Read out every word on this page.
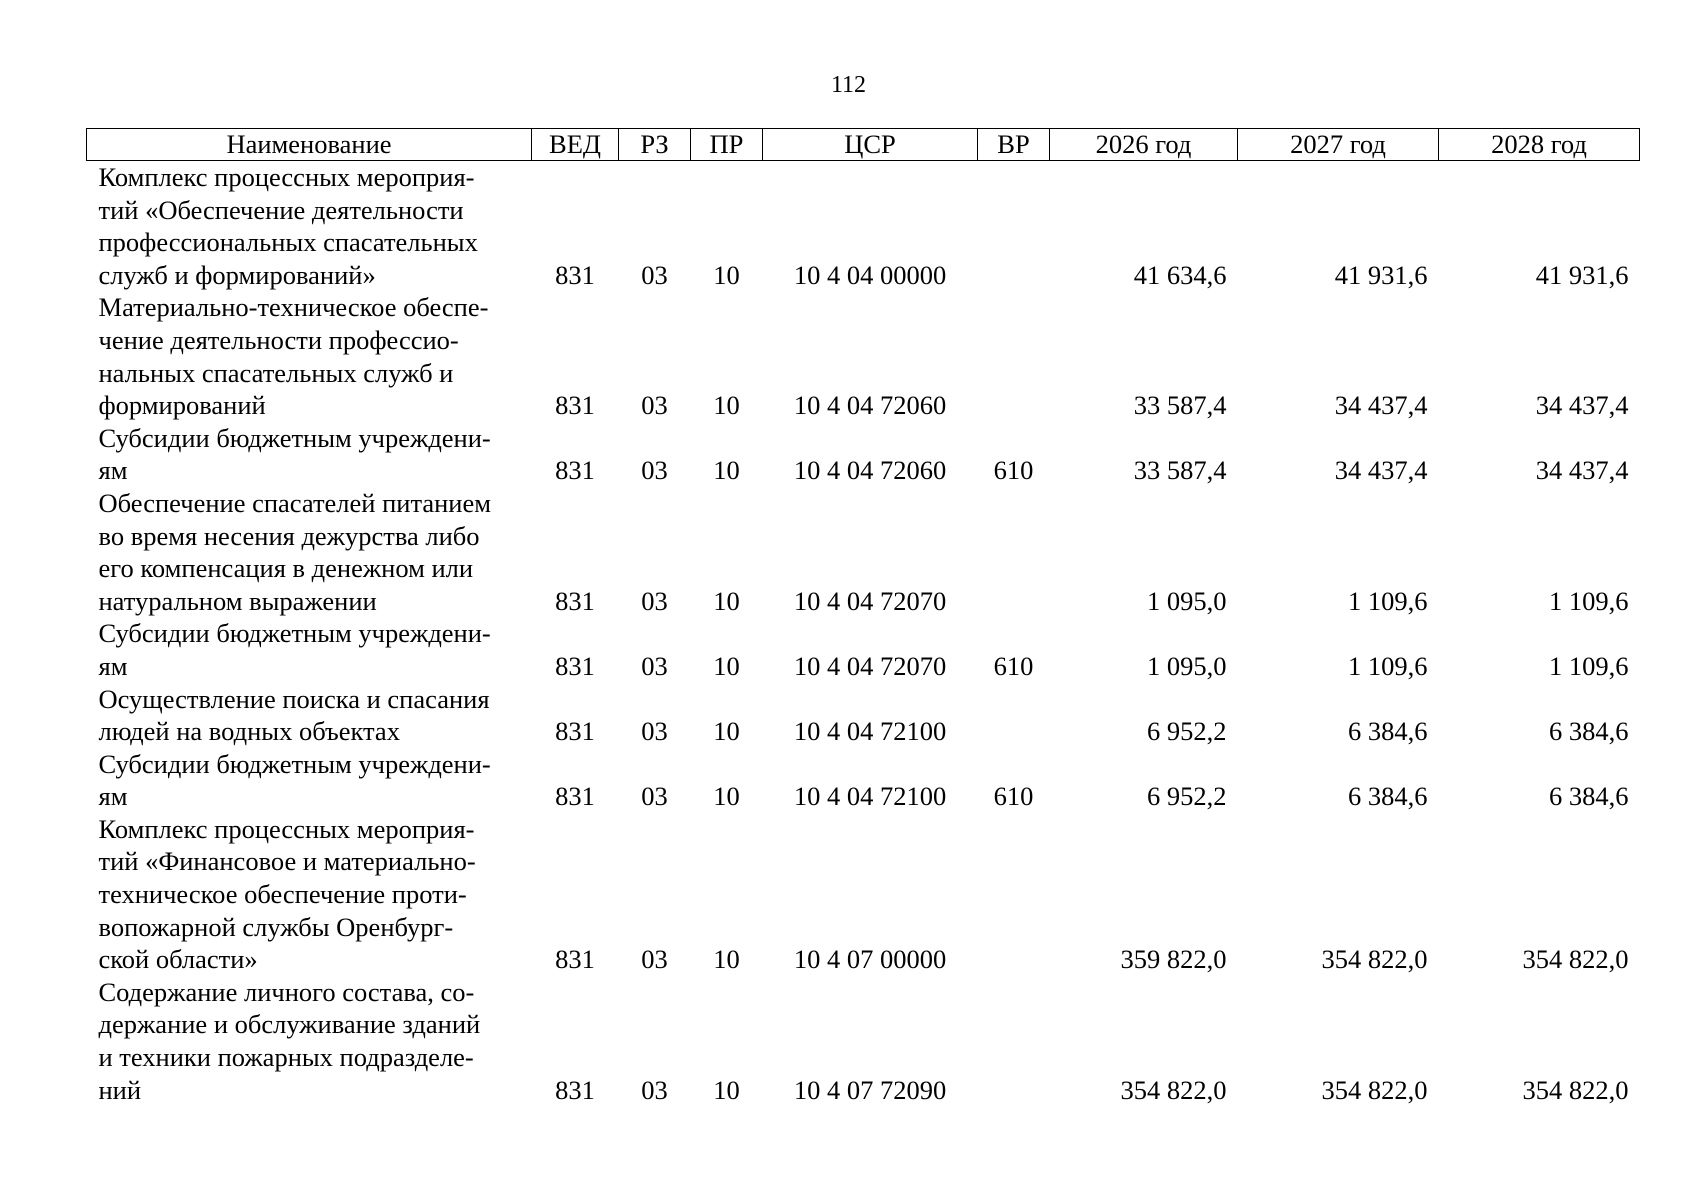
112
Наименование	ВЕД	РЗ	ПР	ЦСР	ВР	2026 год	2027 год	2028 год
Комплекс процессных мероприя-
тий «Обеспечение деятельности
профессиональных спасательных
служб и формирований»	831	03	10	10 4 04 00000		41 634,6	41 931,6	41 931,6
Материально-техническое обеспе-
чение деятельности профессио-
нальных спасательных служб и
формирований	831	03	10	10 4 04 72060		33 587,4	34 437,4	34 437,4
Субсидии бюджетным учреждени-
ям	831	03	10	10 4 04 72060	610	33 587,4	34 437,4	34 437,4
Обеспечение спасателей питанием
во время несения дежурства либо
его компенсация в денежном или
натуральном выражении	831	03	10	10 4 04 72070		1 095,0	1 109,6	1 109,6
Субсидии бюджетным учреждени-
ям	831	03	10	10 4 04 72070	610	1 095,0	1 109,6	1 109,6
Осуществление поиска и спасания
людей на водных объектах	831	03	10	10 4 04 72100		6 952,2	6 384,6	6 384,6
Субсидии бюджетным учреждени-
ям	831	03	10	10 4 04 72100	610	6 952,2	6 384,6	6 384,6
Комплекс процессных мероприя-
тий «Финансовое и материально-
техническое обеспечение проти-
вопожарной службы Оренбург-
ской области»	831	03	10	10 4 07 00000		359 822,0	354 822,0	354 822,0
Содержание личного состава, со-
держание и обслуживание зданий
и техники пожарных подразделе-
ний	831	03	10	10 4 07 72090		354 822,0	354 822,0	354 822,0
